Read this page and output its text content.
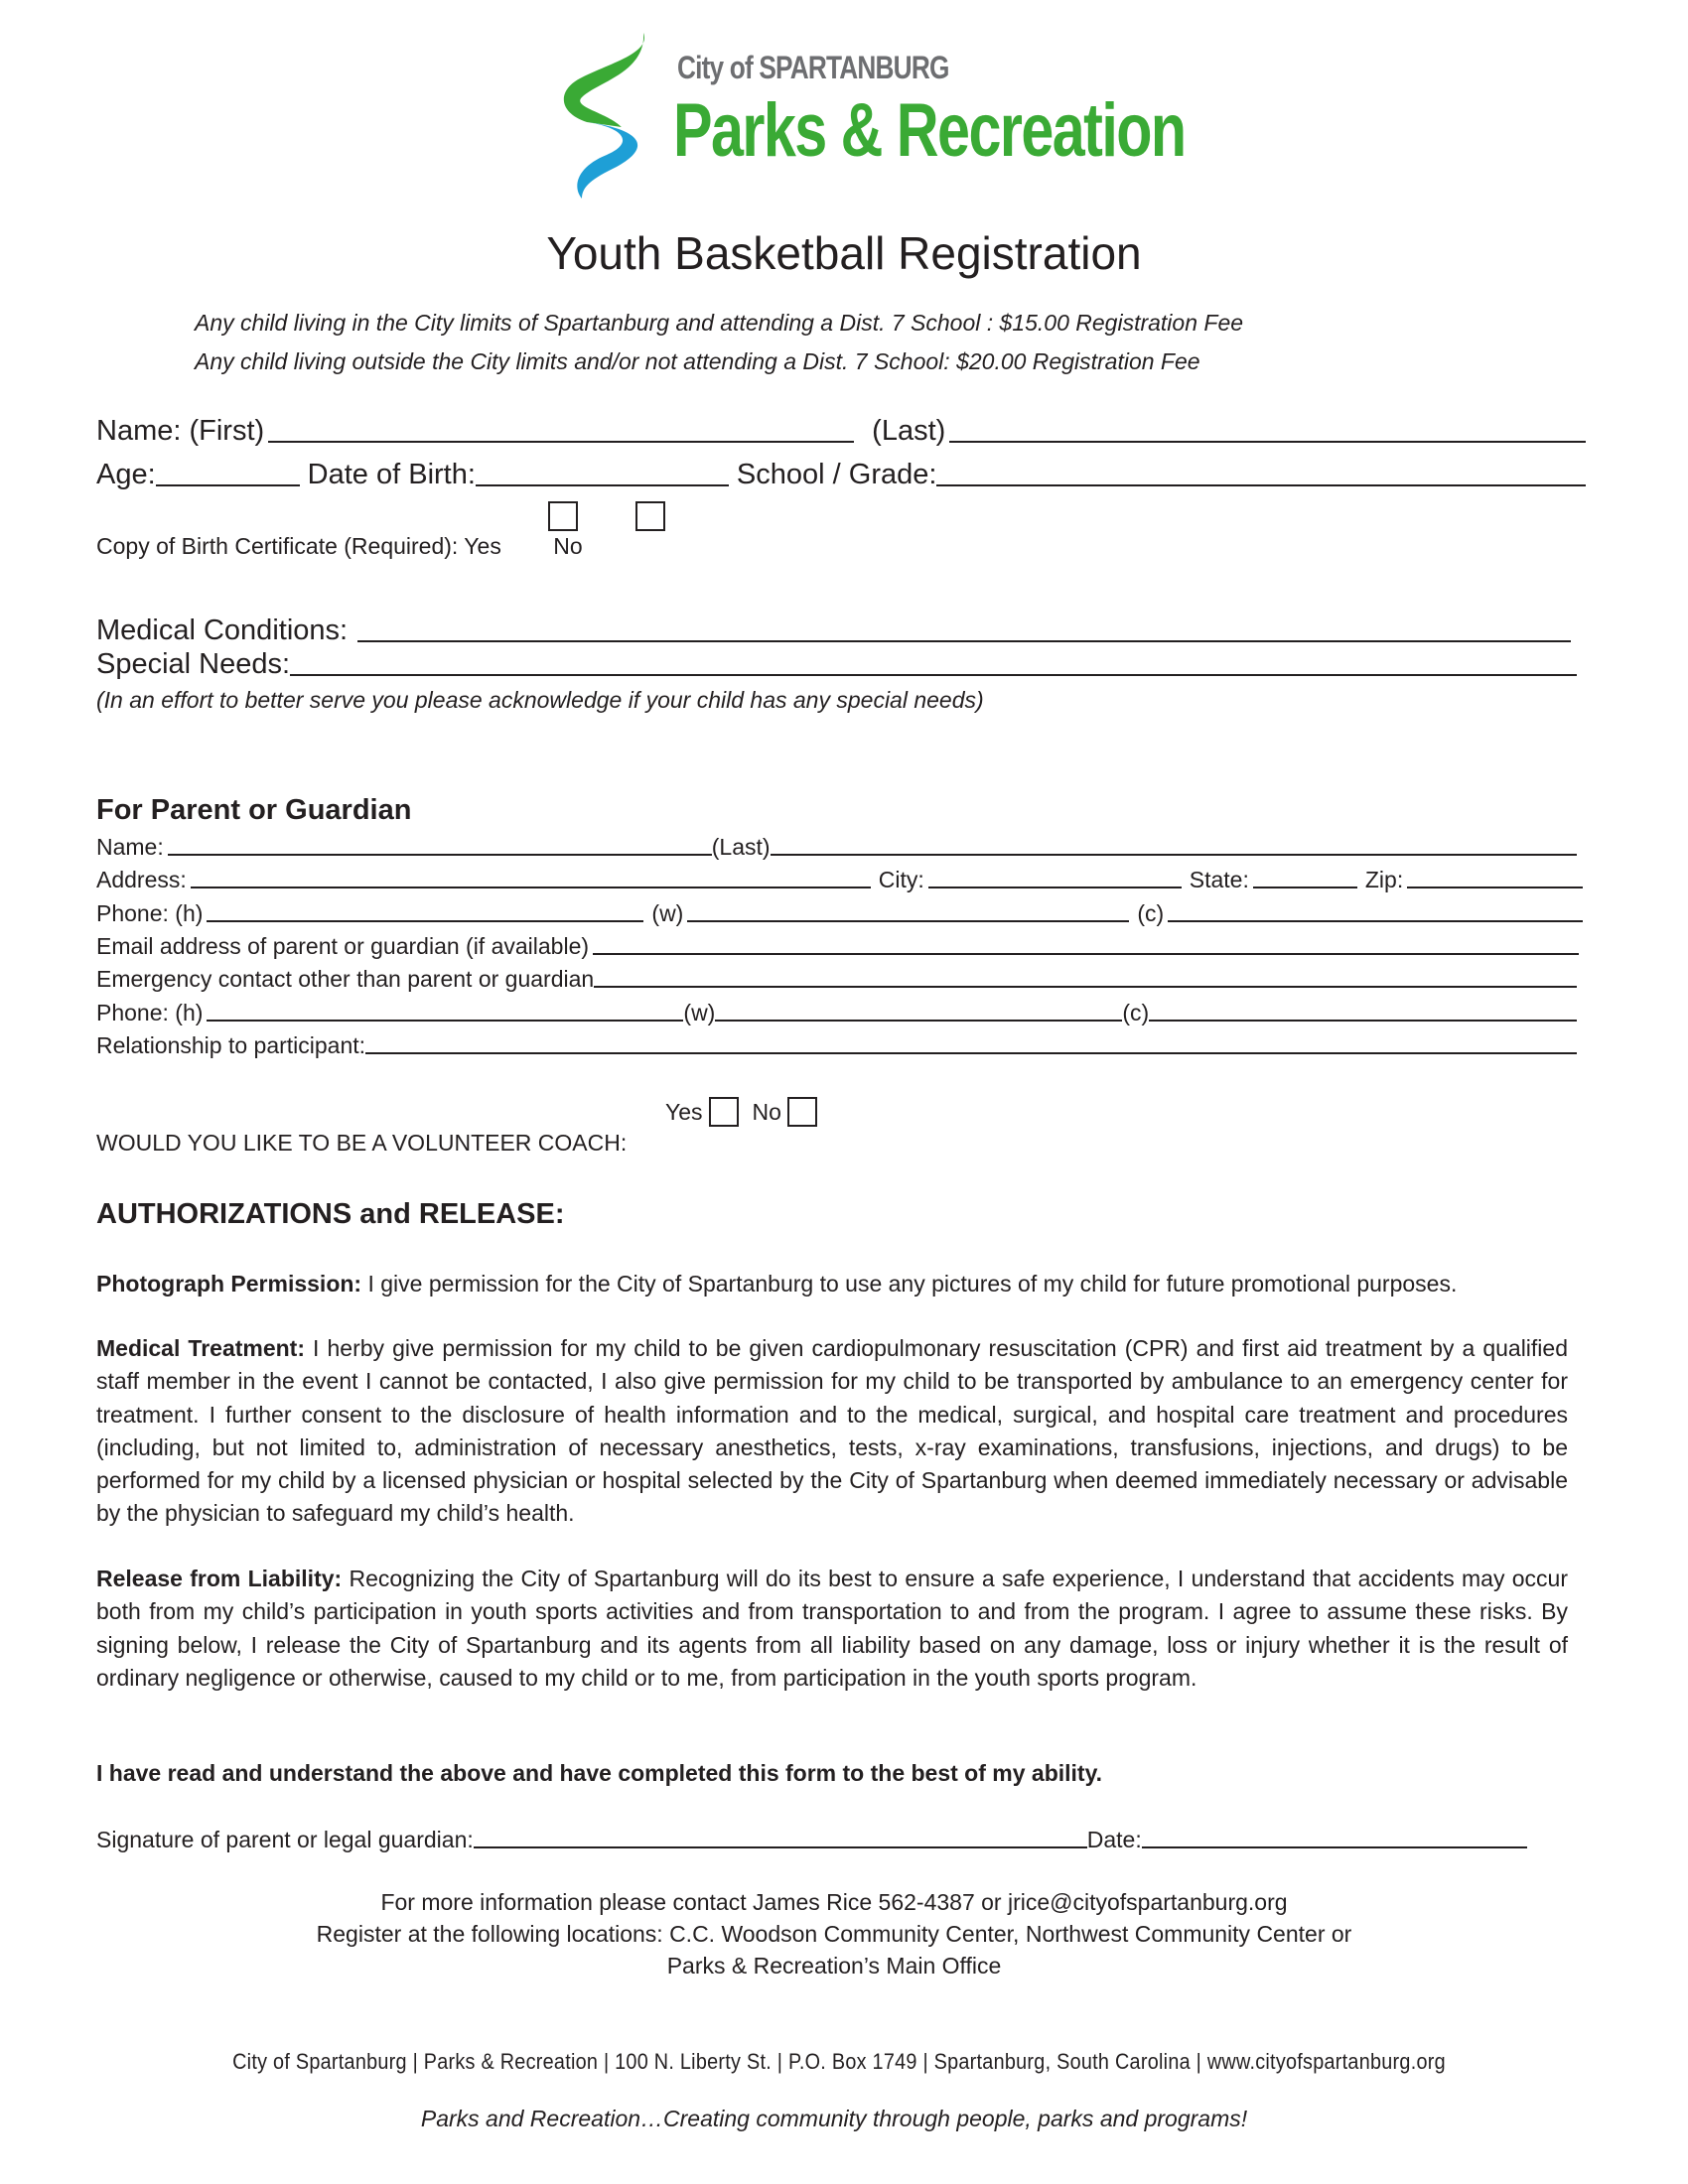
City of SPARTANBURG
Parks & Recreation
Youth Basketball Registration
Any child living in the City limits of Spartanburg and attending a Dist. 7 School : $15.00 Registration Fee
Any child living outside the City limits and/or not attending a Dist. 7 School: $20.00 Registration Fee
Name: (First)	(Last)
Age:	Date of Birth:	School / Grade:
Copy of Birth Certificate (Required): Yes No
Medical Conditions:
Special Needs:
(In an effort to better serve you please acknowledge if your child has any special needs)
For Parent or Guardian
Name:	(Last)
Address:	City:	State:	Zip:
Phone: (h)	(w)	(c)
Email address of parent or guardian (if available)
Emergency contact other than parent or guardian
Phone: (h)	(w)	(c)
Relationship to participant:
Yes No
WOULD YOU LIKE TO BE A VOLUNTEER COACH:
AUTHORIZATIONS and RELEASE:
Photograph Permission: I give permission for the City of Spartanburg to use any pictures of my child for future promotional purposes.
Medical Treatment: I herby give permission for my child to be given cardiopulmonary resuscitation (CPR) and first aid treatment by a qualified staff member in the event I cannot be contacted, I also give permission for my child to be transported by ambulance to an emergency center for treatment. I further consent to the disclosure of health information and to the medical, surgical, and hospital care treatment and procedures (including, but not limited to, administration of necessary anesthetics, tests, x-ray examinations, transfusions, injections, and drugs) to be performed for my child by a licensed physician or hospital selected by the City of Spartanburg when deemed immediately necessary or advisable by the physician to safeguard my child’s health.
Release from Liability: Recognizing the City of Spartanburg will do its best to ensure a safe experience, I understand that accidents may occur both from my child’s participation in youth sports activities and from transportation to and from the program. I agree to assume these risks. By signing below, I release the City of Spartanburg and its agents from all liability based on any damage, loss or injury whether it is the result of ordinary negligence or otherwise, caused to my child or to me, from participation in the youth sports program.
I have read and understand the above and have completed this form to the best of my ability.
Signature of parent or legal guardian:	Date:
For more information please contact James Rice 562-4387 or jrice@cityofspartanburg.org
Register at the following locations: C.C. Woodson Community Center, Northwest Community Center or
Parks & Recreation’s Main Office
City of Spartanburg | Parks & Recreation | 100 N. Liberty St. | P.O. Box 1749 | Spartanburg, South Carolina | www.cityofspartanburg.org
Parks and Recreation…Creating community through people, parks and programs!
